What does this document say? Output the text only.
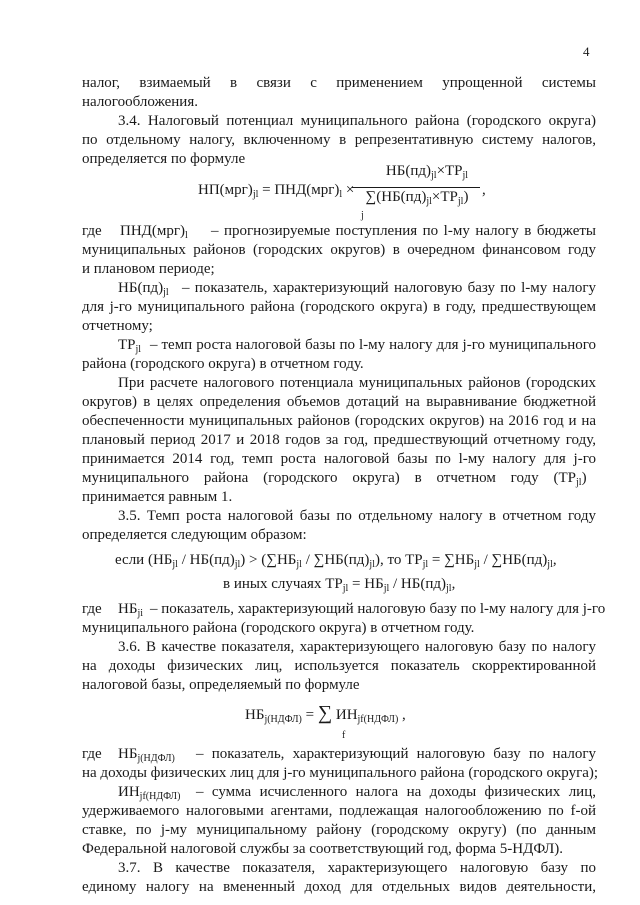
4
налог, взимаемый в связи с применением упрощенной системы
налогообложения.
3.4. Налоговый потенциал муниципального района (городского округа)
по отдельному налогу, включенному в репрезентативную систему налогов,
определяется по формуле
$НП(мрг)_{jl} = ПНД(мрг)_l$ ×
$НБ(пд)_{jl}\times ТР_{jl}$
$\sum(НБ(пд)_{jl}\times ТР_{jl})$
j
,
где $ПНД(мрг)_l$ – прогнозируемые поступления по l-му налогу в бюджеты
муниципальных районов (городских округов) в очередном финансовом году
и плановом периоде;
$НБ(пд)_{jl}$ – показатель, характеризующий налоговую базу по l-му налогу
для j-го муниципального района (городского округа) в году, предшествующем
отчетному;
$ТР_{jl}$ – темп роста налоговой базы по l-му налогу для j-го муниципального
района (городского округа) в отчетном году.
При расчете налогового потенциала муниципальных районов (городских
округов) в целях определения объемов дотаций на выравнивание бюджетной
обеспеченности муниципальных районов (городских округов) на 2016 год и на
плановый период 2017 и 2018 годов за год, предшествующий отчетному году,
принимается 2014 год, темп роста налоговой базы по l-му налогу для j-го
муниципального района (городского округа) в отчетном году (ТР $_{jl}$)
принимается равным 1.
3.5. Темп роста налоговой базы по отдельному налогу в отчетном году
определяется следующим образом:
если $(НБ_{jl} / НБ(пд)_{jl}) > (\sum НБ_{jl} / \sum НБ(пд)_{jl})$, то $ТР_{jl} = \sum НБ_{jl} / \sum НБ(пд)_{jl}$,
в иных случаях $ТР_{jl} = НБ_{jl} / НБ(пд)_{jl}$,
где $НБ_{ji}$ – показатель, характеризующий налоговую базу по l-му налогу для j-го
муниципального района (городского округа) в отчетном году.
3.6. В качестве показателя, характеризующего налоговую базу по налогу
на доходы физических лиц, используется показатель скорректированной
налоговой базы, определяемый по формуле
$НБ_{j(НДФЛ)}$ = ∑ $ИН_{jf(НДФЛ)}$ ,
f
где $НБ_{j(НДФЛ)}$ – показатель, характеризующий налоговую базу по налогу
на доходы физических лиц для j-го муниципального района (городского округа);
$ИН_{jf(НДФЛ)}$ – сумма исчисленного налога на доходы физических лиц,
удерживаемого налоговыми агентами, подлежащая налогообложению по f-ой
ставке, по j-му муниципальному району (городскому округу) (по данным
Федеральной налоговой службы за соответствующий год, форма 5-НДФЛ).
3.7. В качестве показателя, характеризующего налоговую базу по
единому налогу на вмененный доход для отдельных видов деятельности,
